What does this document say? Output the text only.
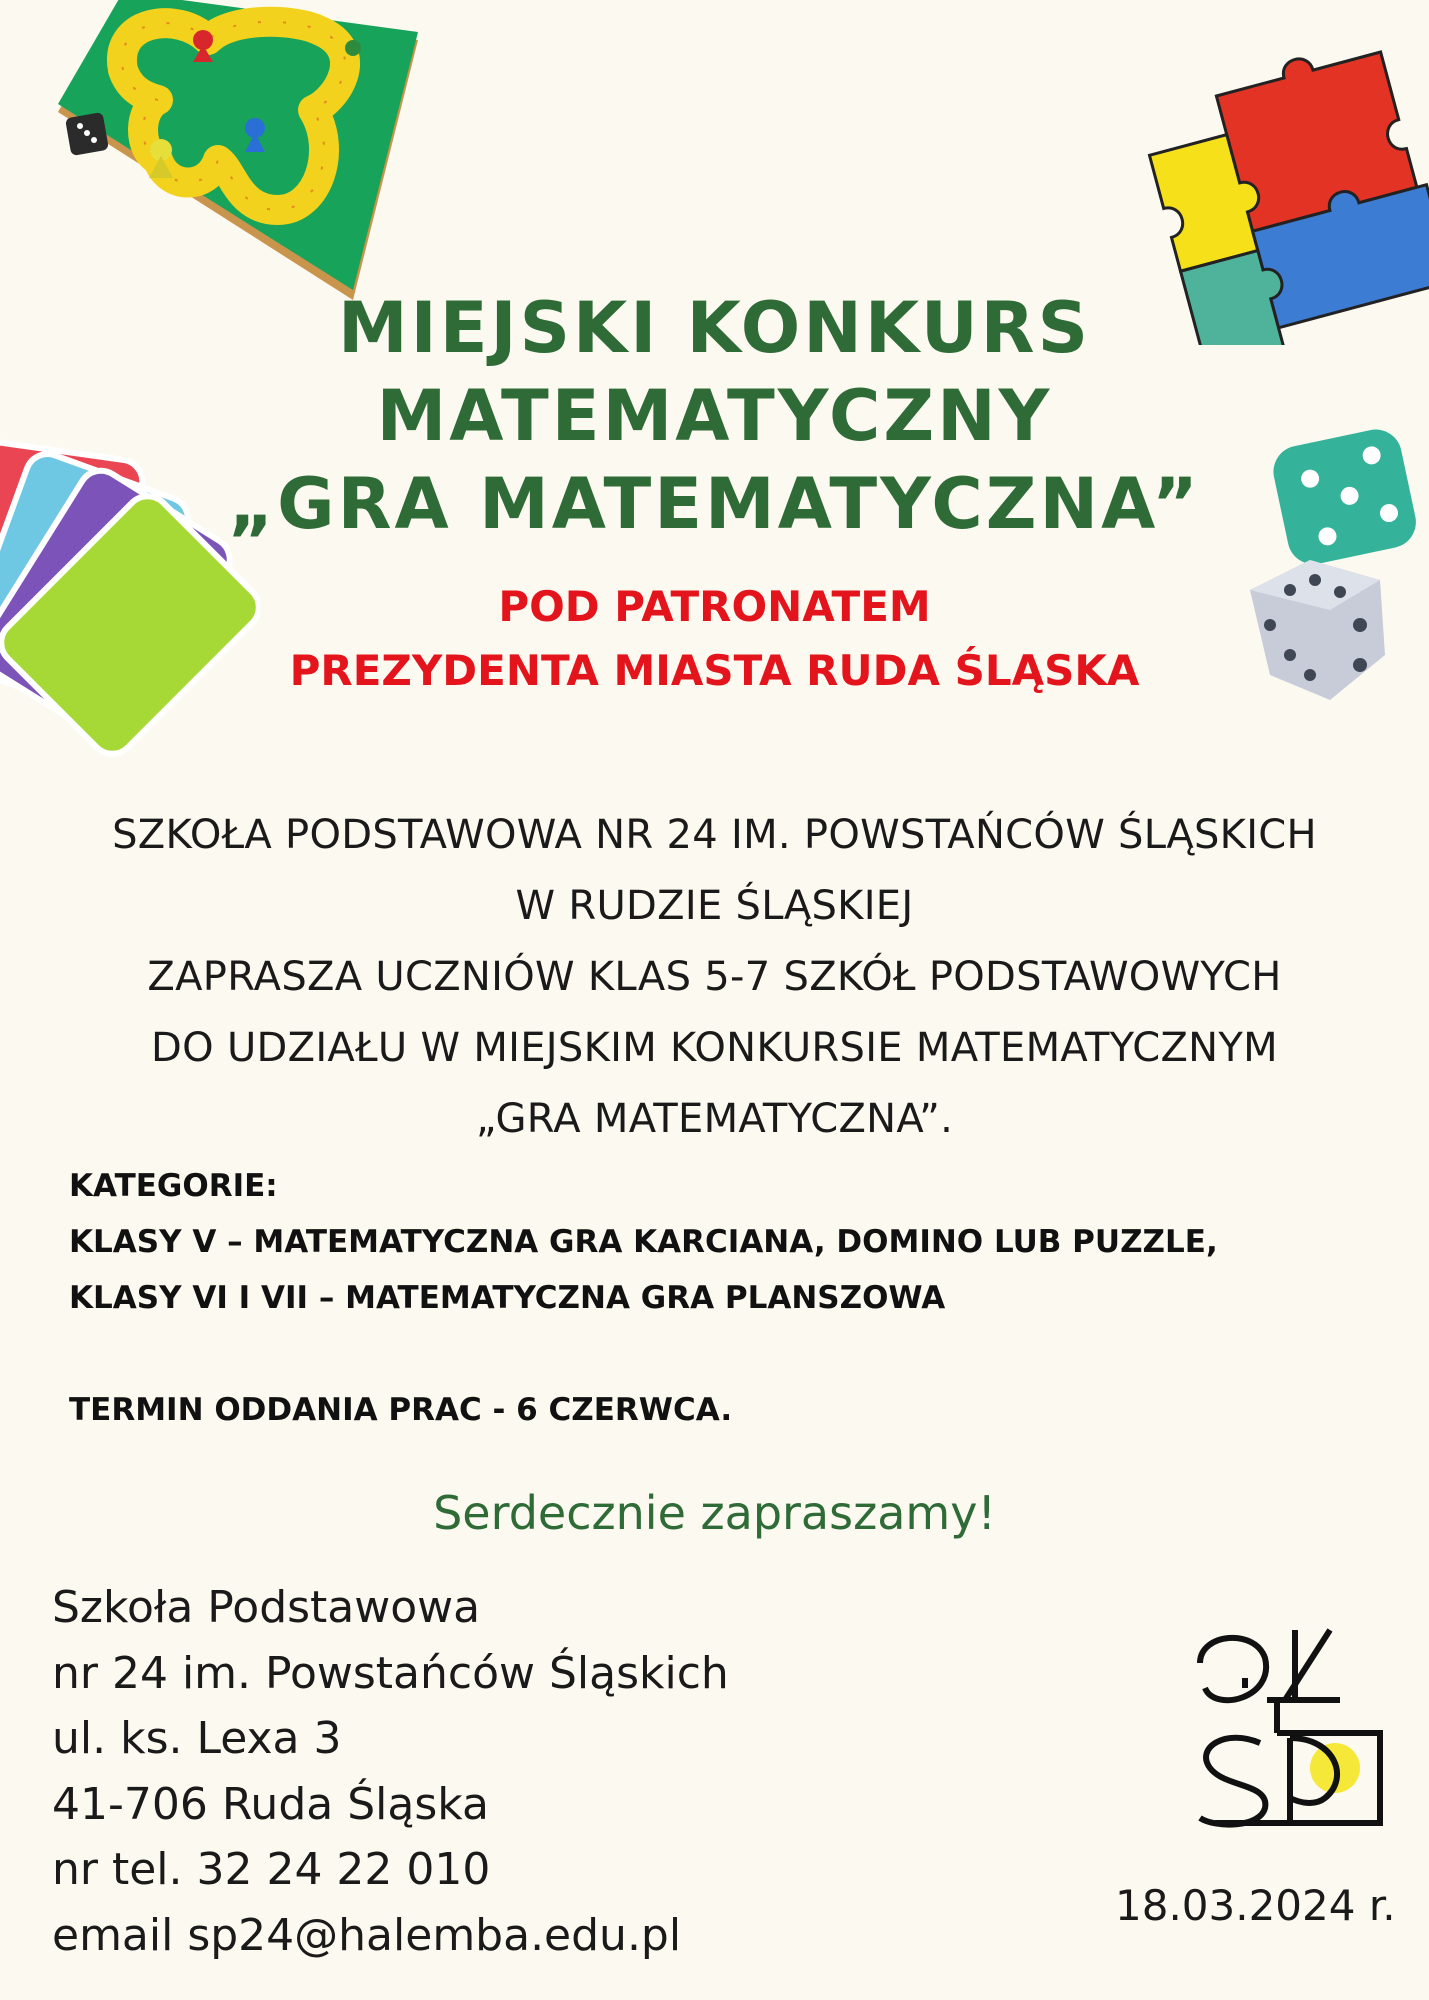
MIEJSKI KONKURS
MATEMATYCZNY
„GRA MATEMATYCZNA”
POD PATRONATEM
PREZYDENTA MIASTA RUDA ŚLĄSKA
SZKOŁA PODSTAWOWA NR 24 IM. POWSTAŃCÓW ŚLĄSKICH
W RUDZIE ŚLĄSKIEJ
ZAPRASZA UCZNIÓW KLAS 5-7 SZKÓŁ PODSTAWOWYCH
DO UDZIAŁU W MIEJSKIM KONKURSIE MATEMATYCZNYM
„GRA MATEMATYCZNA”.
KATEGORIE:
KLASY V – MATEMATYCZNA GRA KARCIANA, DOMINO LUB PUZZLE,
KLASY VI I VII – MATEMATYCZNA GRA PLANSZOWA
TERMIN ODDANIA PRAC - 6 CZERWCA.
Serdecznie zapraszamy!
Szkoła Podstawowa
nr 24 im. Powstańców Śląskich
ul. ks. Lexa 3
41-706 Ruda Śląska
nr tel. 32 24 22 010
email sp24@halemba.edu.pl
18.03.2024 r.
